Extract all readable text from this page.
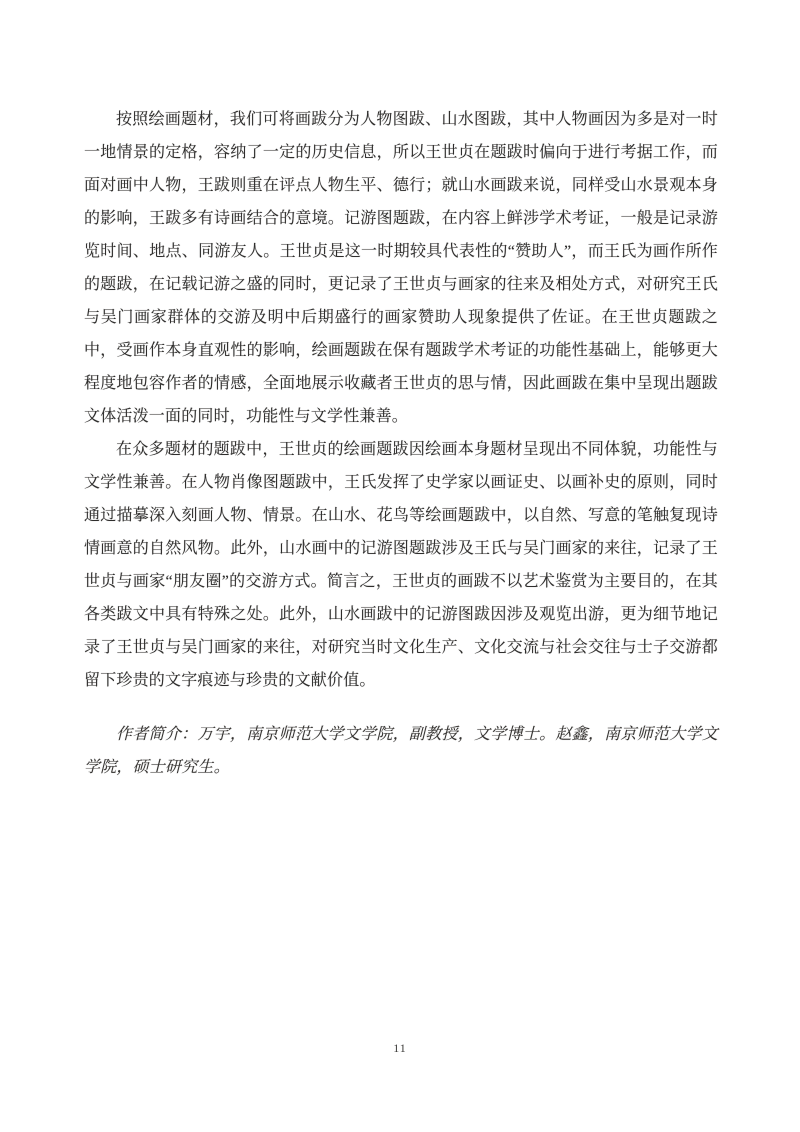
按照绘画题材，我们可将画跋分为人物图跋、山水图跋，其中人物画因为多是对一时一地情景的定格，容纳了一定的历史信息，所以王世贞在题跋时偏向于进行考据工作，而面对画中人物，王跋则重在评点人物生平、德行；就山水画跋来说，同样受山水景观本身的影响，王跋多有诗画结合的意境。记游图题跋，在内容上鲜涉学术考证，一般是记录游览时间、地点、同游友人。王世贞是这一时期较具代表性的“赞助人”，而王氏为画作所作的题跋，在记载记游之盛的同时，更记录了王世贞与画家的往来及相处方式，对研究王氏与吴门画家群体的交游及明中后期盛行的画家赞助人现象提供了佐证。在王世贞题跋之中，受画作本身直观性的影响，绘画题跋在保有题跋学术考证的功能性基础上，能够更大程度地包容作者的情感，全面地展示收藏者王世贞的思与情，因此画跋在集中呈现出题跋文体活泼一面的同时，功能性与文学性兼善。

在众多题材的题跋中，王世贞的绘画题跋因绘画本身题材呈现出不同体貌，功能性与文学性兼善。在人物肖像图题跋中，王氏发挥了史学家以画证史、以画补史的原则，同时通过描摹深入刻画人物、情景。在山水、花鸟等绘画题跋中，以自然、写意的笔触复现诗情画意的自然风物。此外，山水画中的记游图题跋涉及王氏与吴门画家的来往，记录了王世贞与画家“朋友圈”的交游方式。简言之，王世贞的画跋不以艺术鉴赏为主要目的，在其各类跋文中具有特殊之处。此外，山水画跋中的记游图跋因涉及观览出游，更为细节地记录了王世贞与吴门画家的来往，对研究当时文化生产、文化交流与社会交往与士子交游都留下珍贵的文字痕迹与珍贵的文献价值。

作者简介：万宇，南京师范大学文学院，副教授，文学博士。赵鑫，南京师范大学文学院，硕士研究生。

11
